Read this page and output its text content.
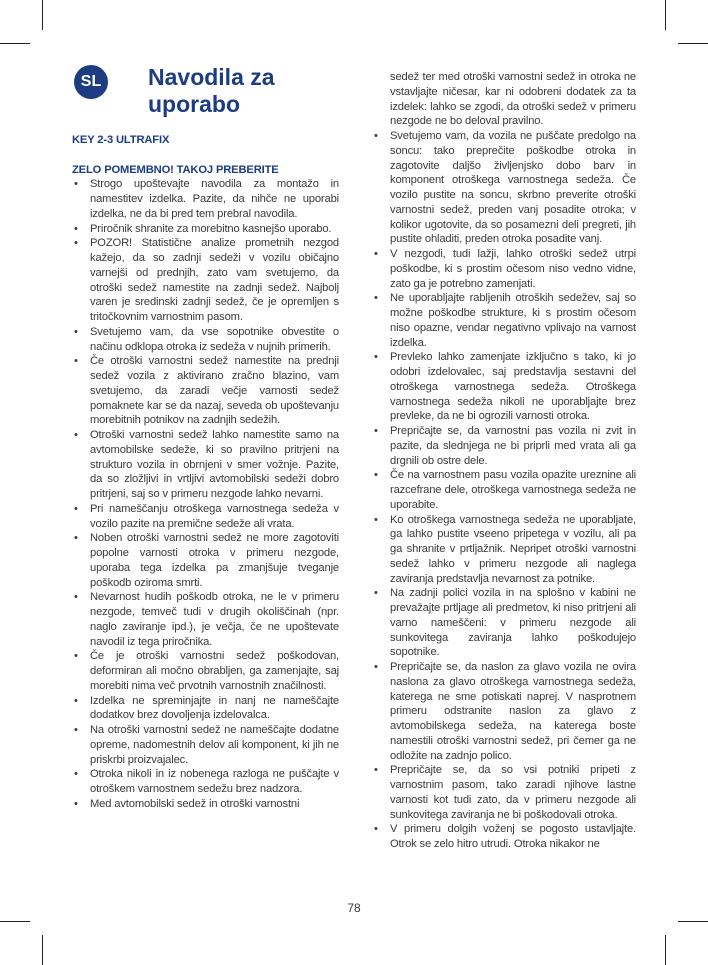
SL Navodila za uporabo

KEY 2-3 ULTRAFIX

ZELO POMEMBNO! TAKOJ PREBERITE

• Strogo upoštevajte navodila za montažo in namestitev izdelka. Pazite, da nihče ne uporabi izdelka, ne da bi pred tem prebral navodila.
• Priročnik shranite za morebitno kasnejšo uporabo.
• POZOR! Statistične analize prometnih nezgod kažejo, da so zadnji sedeži v vozilu običajno varnejši od prednjih, zato vam svetujemo, da otroški sedež namestite na zadnji sedež. Najbolj varen je sredinski zadnji sedež, če je opremljen s tritočkovnim varnostnim pasom.
• Svetujemo vam, da vse sopotnike obvestite o načinu odklopa otroka iz sedeža v nujnih primerih.
• Če otroški varnostni sedež namestite na prednji sedež vozila z aktivirano zračno blazino, vam svetujemo, da zaradi večje varnosti sedež pomaknete kar se da nazaj, seveda ob upoštevanju morebitnih potnikov na zadnjih sedežih.
• Otroški varnostni sedež lahko namestite samo na avtomobilske sedeže, ki so pravilno pritrjeni na strukturo vozila in obrnjeni v smer vožnje. Pazite, da so zložljivi in vrtljivi avtomobilski sedeži dobro pritrjeni, saj so v primeru nezgode lahko nevarni.
• Pri nameščanju otroškega varnostnega sedeža v vozilo pazite na premične sedeže ali vrata.
• Noben otroški varnostni sedež ne more zagotoviti popolne varnosti otroka v primeru nezgode, uporaba tega izdelka pa zmanjšuje tveganje poškodb oziroma smrti.
• Nevarnost hudih poškodb otroka, ne le v primeru nezgode, temveč tudi v drugih okoliščinah (npr. naglo zaviranje ipd.), je večja, če ne upoštevate navodil iz tega priročnika.
• Če je otroški varnostni sedež poškodovan, deformiran ali močno obrabljen, ga zamenjajte, saj morebiti nima več prvotnih varnostnih značilnosti.
• Izdelka ne spreminjajte in nanj ne nameščajte dodatkov brez dovoljenja izdelovalca.
• Na otroški varnostni sedež ne nameščajte dodatne opreme, nadomestnih delov ali komponent, ki jih ne priskrbi proizvajalec.
• Otroka nikoli in iz nobenega razloga ne puščajte v otroškem varnostnem sedežu brez nadzora.
• Med avtomobilski sedež in otroški varnostni

sedež ter med otroški varnostni sedež in otroka ne vstavljajte ničesar, kar ni odobreni dodatek za ta izdelek: lahko se zgodi, da otroški sedež v primeru nezgode ne bo deloval pravilno.

• Svetujemo vam, da vozila ne puščate predolgo na soncu: tako preprečite poškodbe otroka in zagotovite daljšo življenjsko dobo barv in komponent otroškega varnostnega sedeža. Če vozilo pustite na soncu, skrbno preverite otroški varnostni sedež, preden vanj posadite otroka; v kolikor ugotovite, da so posamezni deli pregreti, jih pustite ohladiti, preden otroka posadite vanj.
• V nezgodi, tudi lažji, lahko otroški sedež utrpi poškodbe, ki s prostim očesom niso vedno vidne, zato ga je potrebno zamenjati.
• Ne uporabljajte rabljenih otroških sedežev, saj so možne poškodbe strukture, ki s prostim očesom niso opazne, vendar negativno vplivajo na varnost izdelka.
• Prevleko lahko zamenjate izključno s tako, ki jo odobri izdelovalec, saj predstavlja sestavni del otroškega varnostnega sedeža. Otroškega varnostnega sedeža nikoli ne uporabljajte brez prevleke, da ne bi ogrozili varnosti otroka.
• Prepričajte se, da varnostni pas vozila ni zvit in pazite, da slednjega ne bi priprli med vrata ali ga drgnili ob ostre dele.
• Če na varnostnem pasu vozila opazite ureznine ali razcefrane dele, otroškega varnostnega sedeža ne uporabite.
• Ko otroškega varnostnega sedeža ne uporabljate, ga lahko pustite vseeno pripetega v vozilu, ali pa ga shranite v prtljažnik. Nepripet otroški varnostni sedež lahko v primeru nezgode ali naglega zaviranja predstavlja nevarnost za potnike.
• Na zadnji polici vozila in na splošno v kabini ne prevažajte prtljage ali predmetov, ki niso pritrjeni ali varno nameščeni: v primeru nezgode ali sunkovitega zaviranja lahko poškodujejo sopotnike.
• Prepričajte se, da naslon za glavo vozila ne ovira naslona za glavo otroškega varnostnega sedeža, katerega ne sme potiskati naprej. V nasprotnem primeru odstranite naslon za glavo z avtomobilskega sedeža, na katerega boste namestili otroški varnostni sedež, pri čemer ga ne odložite na zadnjo polico.
• Prepričajte se, da so vsi potniki pripeti z varnostnim pasom, tako zaradi njihove lastne varnosti kot tudi zato, da v primeru nezgode ali sunkovitega zaviranja ne bi poškodovali otroka.
• V primeru dolgih voženj se pogosto ustavljajte. Otrok se zelo hitro utrudi. Otroka nikakor ne
78
